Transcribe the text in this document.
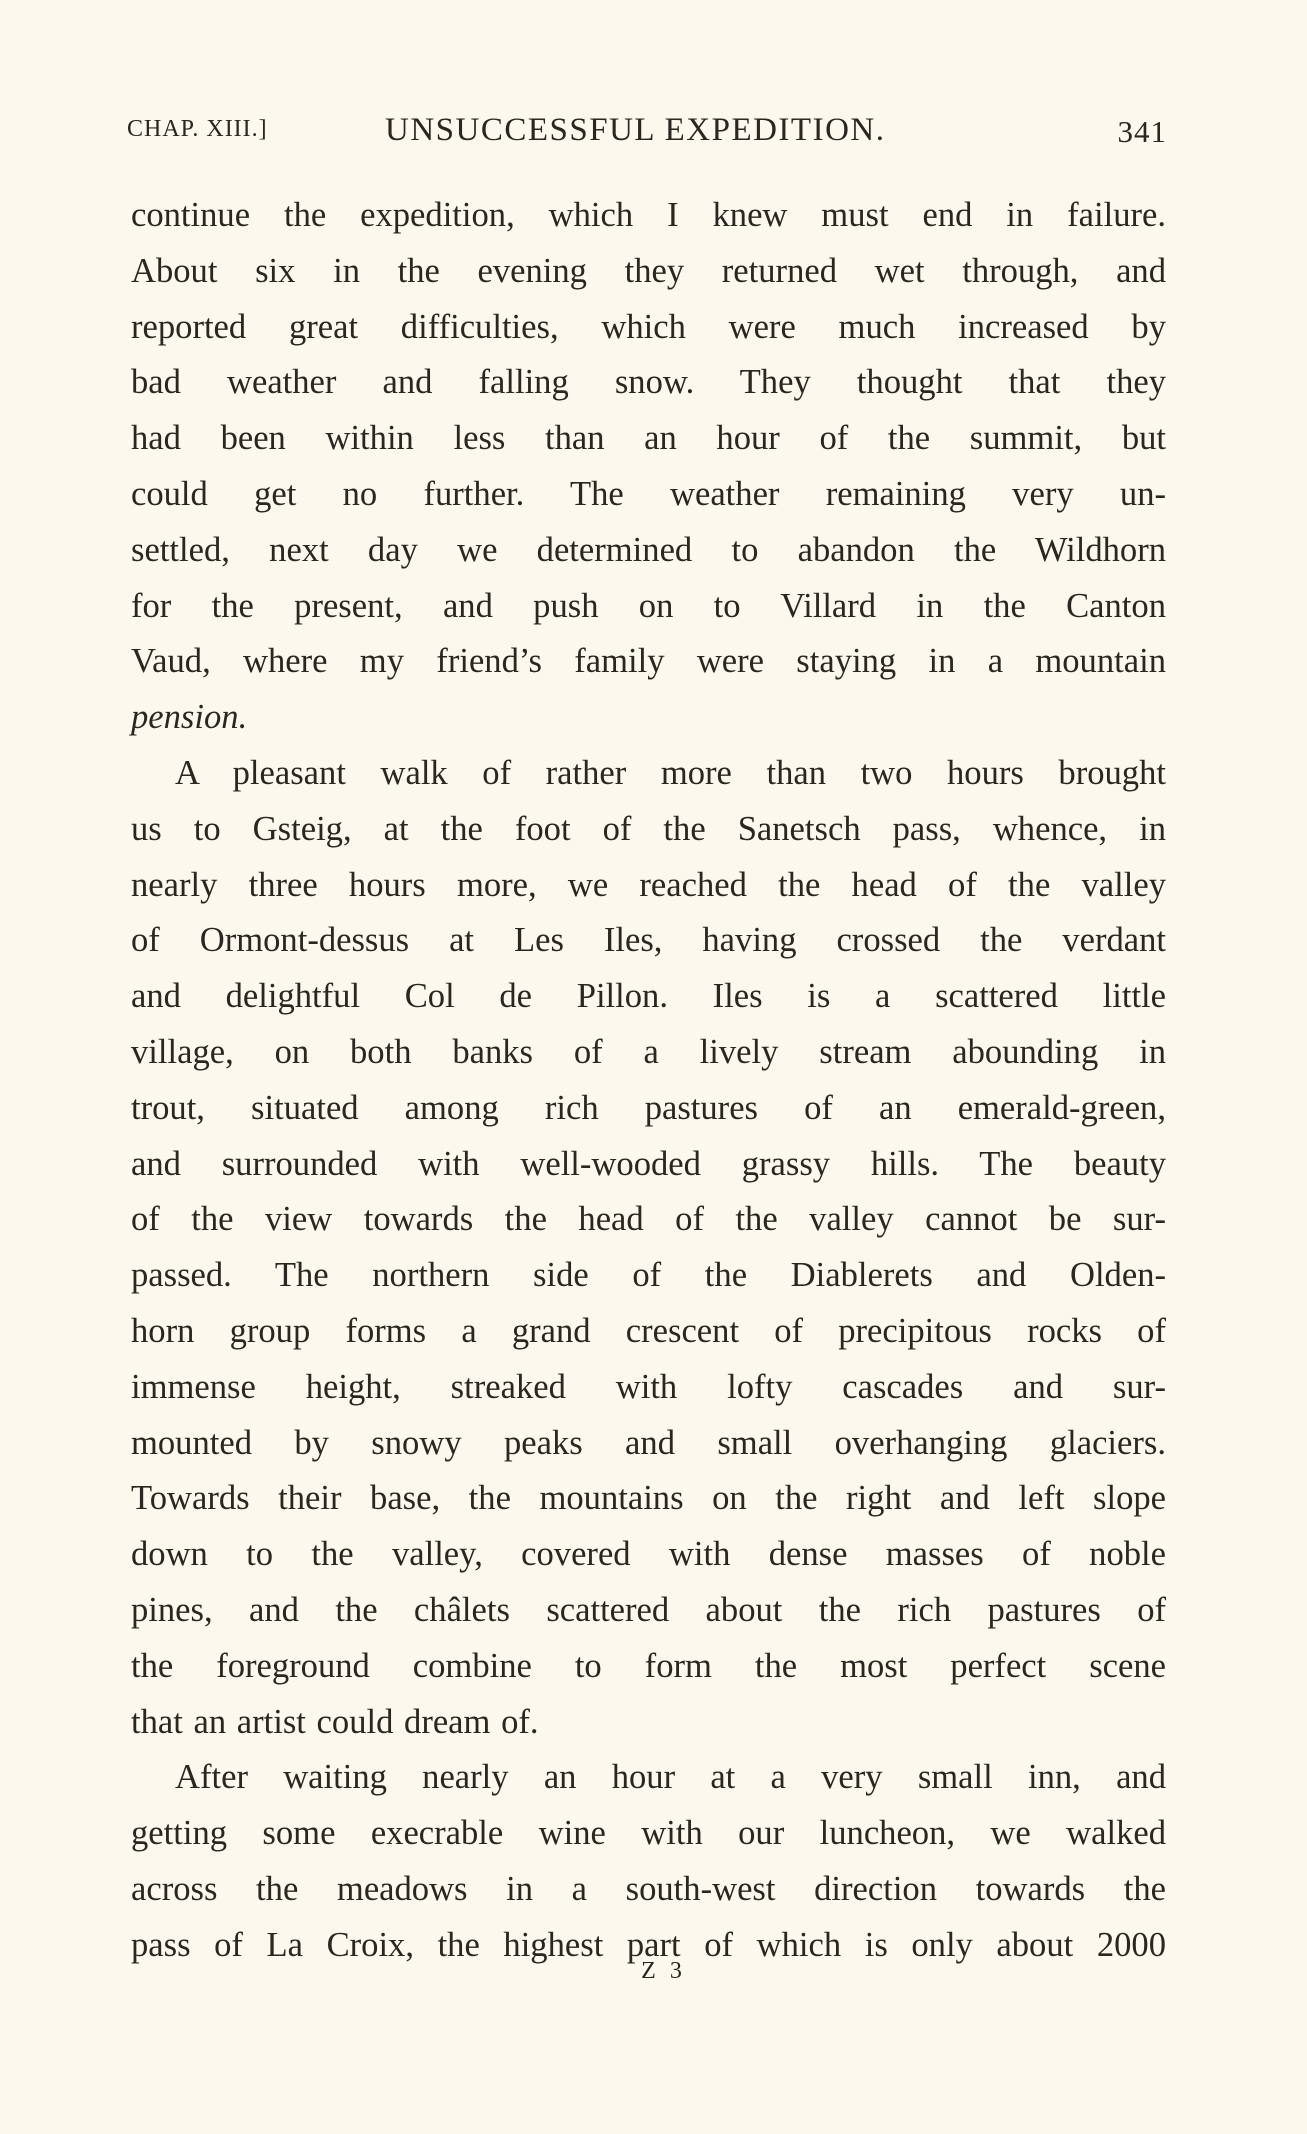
CHAP. XIII.]	UNSUCCESSFUL EXPEDITION.	341
continue the expedition, which I knew must end in failure.
About six in the evening they returned wet through, and
reported great difficulties, which were much increased by
bad weather and falling snow. They thought that they
had been within less than an hour of the summit, but
could get no further. The weather remaining very un-
settled, next day we determined to abandon the Wildhorn
for the present, and push on to Villard in the Canton
Vaud, where my friend’s family were staying in a mountain
pension.
A pleasant walk of rather more than two hours brought
us to Gsteig, at the foot of the Sanetsch pass, whence, in
nearly three hours more, we reached the head of the valley
of Ormont-dessus at Les Iles, having crossed the verdant
and delightful Col de Pillon. Iles is a scattered little
village, on both banks of a lively stream abounding in
trout, situated among rich pastures of an emerald-green,
and surrounded with well-wooded grassy hills. The beauty
of the view towards the head of the valley cannot be sur-
passed. The northern side of the Diablerets and Olden-
horn group forms a grand crescent of precipitous rocks of
immense height, streaked with lofty cascades and sur-
mounted by snowy peaks and small overhanging glaciers.
Towards their base, the mountains on the right and left slope
down to the valley, covered with dense masses of noble
pines, and the châlets scattered about the rich pastures of
the foreground combine to form the most perfect scene
that an artist could dream of.
After waiting nearly an hour at a very small inn, and
getting some execrable wine with our luncheon, we walked
across the meadows in a south-west direction towards the
pass of La Croix, the highest part of which is only about 2000
Z 3
